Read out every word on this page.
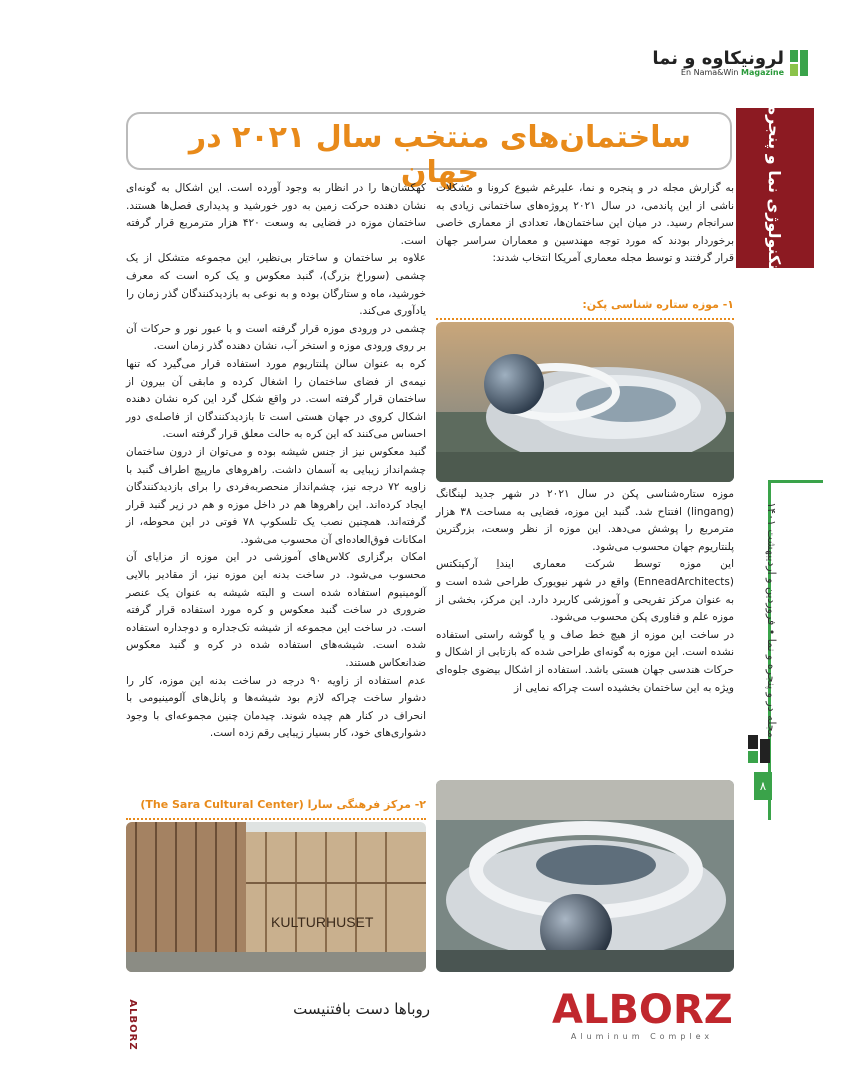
لرونیکاوه و نما
En Nama&Win Magazine
تکنولوژی نما و پنجره
ساختمان‌های منتخب سال ۲۰۲۱ در جهان
به گزارش مجله در و پنجره و نما، علیرغم شیوع کرونا و مشکلات ناشی از این پاندمی، در سال ۲۰۲۱ پروژه‌های ساختمانی زیادی به سرانجام رسید. در میان این ساختمان‌ها، تعدادی از معماری خاصی برخوردار بودند که مورد توجه مهندسین و معماران سراسر جهان قرار گرفتند و توسط مجله معماری آمریکا انتخاب شدند:
۱- موزه ستاره شناسی پکن:

موزه ستاره‌شناسی پکن در سال ۲۰۲۱ در شهر جدید لینگانگ (lingang) افتتاح شد. گنبد این موزه، فضایی به مساحت ۳۸ هزار مترمربع را پوشش می‌دهد. این موزه از نظر وسعت، بزرگترین پلنتاریوم جهان محسوب می‌شود.

این موزه توسط شرکت معماری اینداِ آرکیتکتس (EnneadArchitects) واقع در شهر نیویورک طراحی شده است و به عنوان مرکز تفریحی و آموزشی کاربرد دارد. این مرکز، بخشی از موزه علم و فناوری پکن محسوب می‌شود.

در ساخت این موزه از هیچ خط صاف و یا گوشه راستی استفاده نشده است. این موزه به گونه‌ای طراحی شده که بازتابی از اشکال و حرکات هندسی جهان هستی باشد. استفاده از اشکال بیضوی جلوه‌ای ویژه به این ساختمان بخشیده است چراکه نمایی از

کهکشان‌ها را در انظار به وجود آورده است. این اشکال به گونه‌ای نشان دهنده حرکت زمین به دور خورشید و پدیداری فصل‌ها هستند. ساختمان موزه در فضایی به وسعت ۴۲۰ هزار مترمربع قرار گرفته است.

علاوه بر ساختمان و ساختار بی‌نظیر، این مجموعه متشکل از یک چشمی (سوراخ بزرگ)، گنبد معکوس و یک کره است که معرف خورشید، ماه و ستارگان بوده و به نوعی به بازدیدکنندگان گذر زمان را یادآوری می‌کند.

چشمی در ورودی موزه قرار گرفته است و با عبور نور و حرکات آن بر روی ورودی موزه و استخر آب، نشان دهنده گذر زمان است.

کره به عنوان سالن پلنتاریوم مورد استفاده قرار می‌گیرد که تنها نیمه‌ی از فضای ساختمان را اشغال کرده و مابقی آن بیرون از ساختمان قرار گرفته است. در واقع شکل گرد این کره نشان دهنده اشکال کروی در جهان هستی است تا بازدیدکنندگان از فاصله‌ی دور احساس می‌کنند که این کره به حالت معلق قرار گرفته است.

گنبد معکوس نیز از جنس شیشه بوده و می‌توان از درون ساختمان چشم‌انداز زیبایی به آسمان داشت. راهروهای مارپیچ اطراف گنبد با زاویه ۷۲ درجه نیز، چشم‌انداز منحصربه‌فردی را برای بازدیدکنندگان ایجاد کرده‌اند. این راهروها هم در داخل موزه و هم در زیر گنبد قرار گرفته‌اند. همچنین نصب یک تلسکوپ ۷۸ فوتی در این محوطه، از امکانات فوق‌العاده‌ای آن محسوب می‌شود.

امکان برگزاری کلاس‌های آموزشی در این موزه از مزایای آن محسوب می‌شود. در ساخت بدنه این موزه نیز، از مقادیر بالایی آلومینیوم استفاده شده است و البته شیشه به عنوان یک عنصر ضروری در ساخت گنبد معکوس و کره مورد استفاده قرار گرفته است. در ساخت این مجموعه از شیشه تک‌جداره و دوجداره استفاده شده است. شیشه‌های استفاده شده در کره و گنبد معکوس ضدانعکاس هستند.

عدم استفاده از زاویه ۹۰ درجه در ساخت بدنه این موزه، کار را دشوار ساخت چراکه لازم بود شیشه‌ها و پانل‌های آلومینیومی با انحراف در کنار هم چیده شوند. چیدمان چنین مجموعه‌ای با وجود دشواری‌های خود، کار بسیار زیبایی رقم زده است.

۲- مرکز فرهنگی سارا (The Sara Cultural Center)
KULTURHUSET
مجله در و پنجره و نما • فروردین و اردیبهشت ۱۴۰۱
۸
ALBORZ	روباها دست بافتنیست	ALBORZ
Aluminum Complex
